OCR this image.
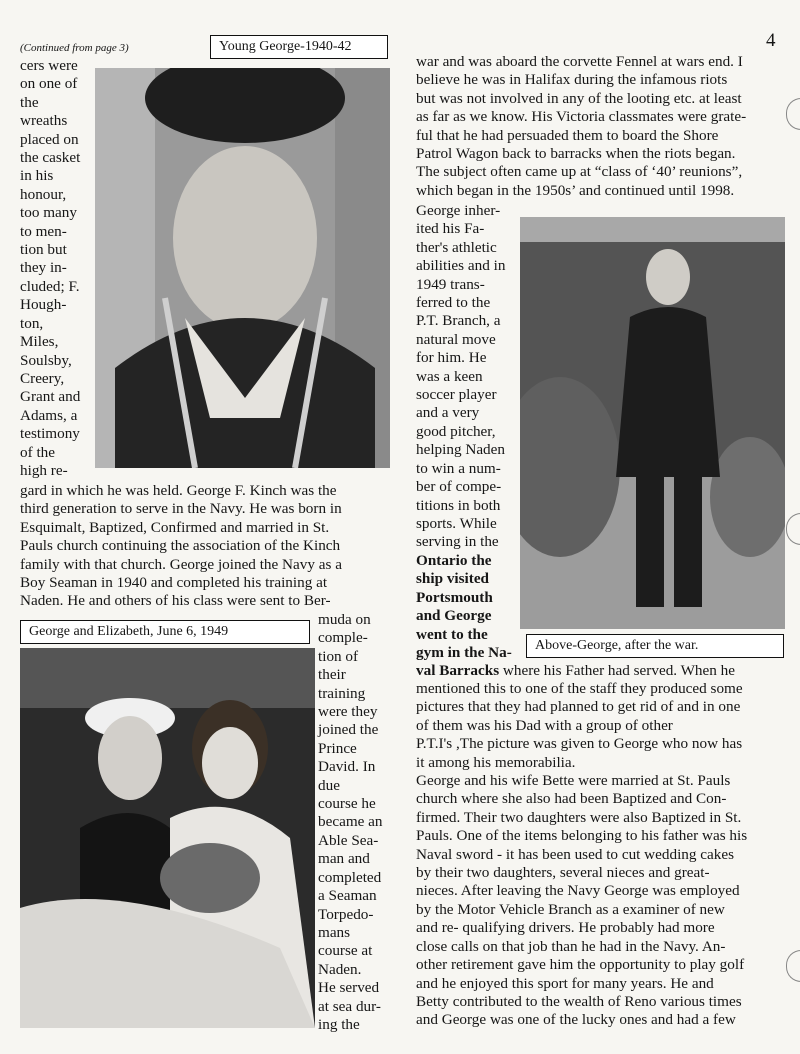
4
(Continued from page 3)	Young George-1940-42

cers were
on one of
the
wreaths
placed on
the casket
in his
honour,
too many
to men-
tion but
they in-
cluded; F.
Hough-
ton,
Miles,
Soulsby,
Creery,
Grant and
Adams, a
testimony
of the
high re-

gard in which he was held. George F. Kinch was the
third generation to serve in the Navy. He was born in
Esquimalt, Baptized, Confirmed and married in St.
Pauls church continuing the association of the Kinch
family with that church. George joined the Navy as a
Boy Seaman in 1940 and completed his training at
Naden. He and others of his class were sent to Ber-

George and Elizabeth, June 6, 1949

muda on
comple-
tion of
their
training
were they
joined the
Prince
David. In
due
course he
became an
Able Sea-
man and
completed
a Seaman
Torpedo-
mans
course at
Naden.
He served
at sea dur-
ing the

war and was aboard the corvette Fennel at wars end. I
believe he was in Halifax during the infamous riots
but was not involved in any of the looting etc. at least
as far as we know. His Victoria classmates were grate-
ful that he had persuaded them to board the Shore
Patrol Wagon back to barracks when the riots began.
The subject often came up at “class of ‘40’ reunions”,
which began in the 1950s’ and continued until 1998.

Above-George, after the war.

George inher-
ited his Fa-
ther's athletic
abilities and in
1949 trans-
ferred to the
P.T. Branch, a
natural move
for him. He
was a keen
soccer player
and a very
good pitcher,
helping Naden
to win a num-
ber of compe-
titions in both
sports. While
serving in the

Ontario the
ship visited
Portsmouth
and George
went to the
gym in the Na-

val Barracks where his Father had served. When he

mentioned this to one of the staff they produced some
pictures that they had planned to get rid of and in one
of them was his Dad with a group of other
P.T.I's ,The picture was given to George who now has
it among his memorabilia.
George and his wife Bette were married at St. Pauls
church where she also had been Baptized and Con-
firmed. Their two daughters were also Baptized in St.
Pauls. One of the items belonging to his father was his
Naval sword - it has been used to cut wedding cakes
by their two daughters, several nieces and great-
nieces. After leaving the Navy George was employed
by the Motor Vehicle Branch as a examiner of new
and re- qualifying drivers. He probably had more
close calls on that job than he had in the Navy. An-
other retirement gave him the opportunity to play golf
and he enjoyed this sport for many years. He and
Betty contributed to the wealth of Reno various times
and George was one of the lucky ones and had a few
